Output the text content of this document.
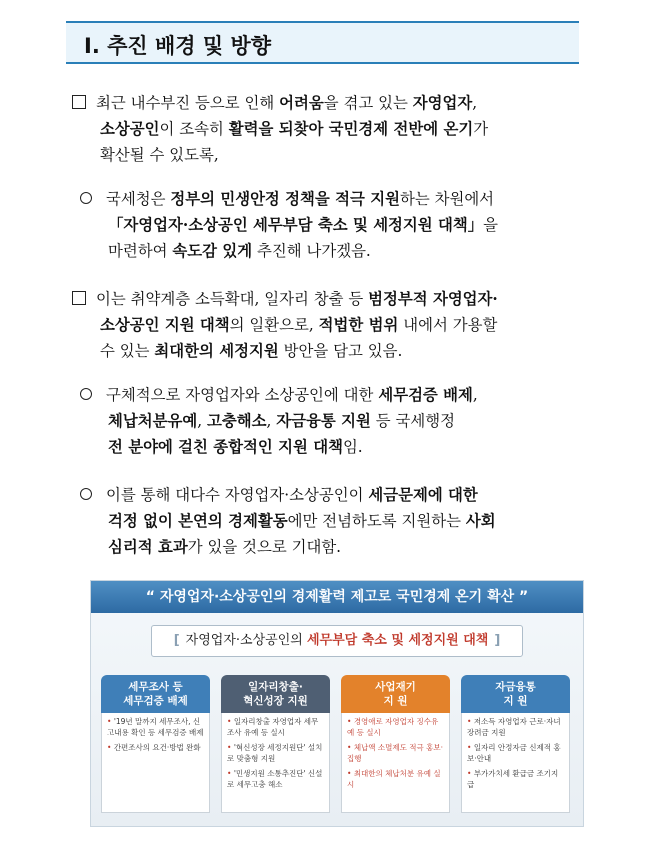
Ⅰ. 추진 배경 및 방향
최근 내수부진 등으로 인해 어려움을 겪고 있는 자영업자,
소상공인이 조속히 활력을 되찾아 국민경제 전반에 온기가
확산될 수 있도록,
국세청은 정부의 민생안정 정책을 적극 지원하는 차원에서
「자영업자·소상공인 세무부담 축소 및 세정지원 대책」을
마련하여 속도감 있게 추진해 나가겠음.
이는 취약계층 소득확대, 일자리 창출 등 범정부적 자영업자·
소상공인 지원 대책의 일환으로, 적법한 범위 내에서 가용할
수 있는 최대한의 세정지원 방안을 담고 있음.
구체적으로 자영업자와 소상공인에 대한 세무검증 배제,
체납처분유예, 고충해소, 자금융통 지원 등 국세행정
전 분야에 걸친 종합적인 지원 대책임.
이를 통해 대다수 자영업자·소상공인이 세금문제에 대한
걱정 없이 본연의 경제활동에만 전념하도록 지원하는 사회
심리적 효과가 있을 것으로 기대함.
“ 자영업자·소상공인의 경제활력 제고로 국민경제 온기 확산 ”
[ 자영업자·소상공인의 세무부담 축소 및 세정지원 대책 ]
세무조사 등
세무검증 배제
• '19년 말까지 세무조사, 신고내용 확인 등 세무검증 배제
• 간편조사의 요건·방법 완화
일자리창출·
혁신성장 지원
• 일자리창출 자영업자 세무조사 유예 등 실시
• '혁신성장 세정지원단' 설치로 맞춤형 지원
• '민생지원 소통추진단' 신설로 세무고충 해소
사업재기
지 원
• 경영애로 자영업자 징수유예 등 실시
• 체납액 소멸제도 적극 홍보·집행
• 최대한의 체납처분 유예 실시
자금융통
지 원
• 저소득 자영업자 근로·자녀장려금 지원
• 일자리 안정자금 신제적 홍보·안내
• 부가가치세 환급금 조기지급
